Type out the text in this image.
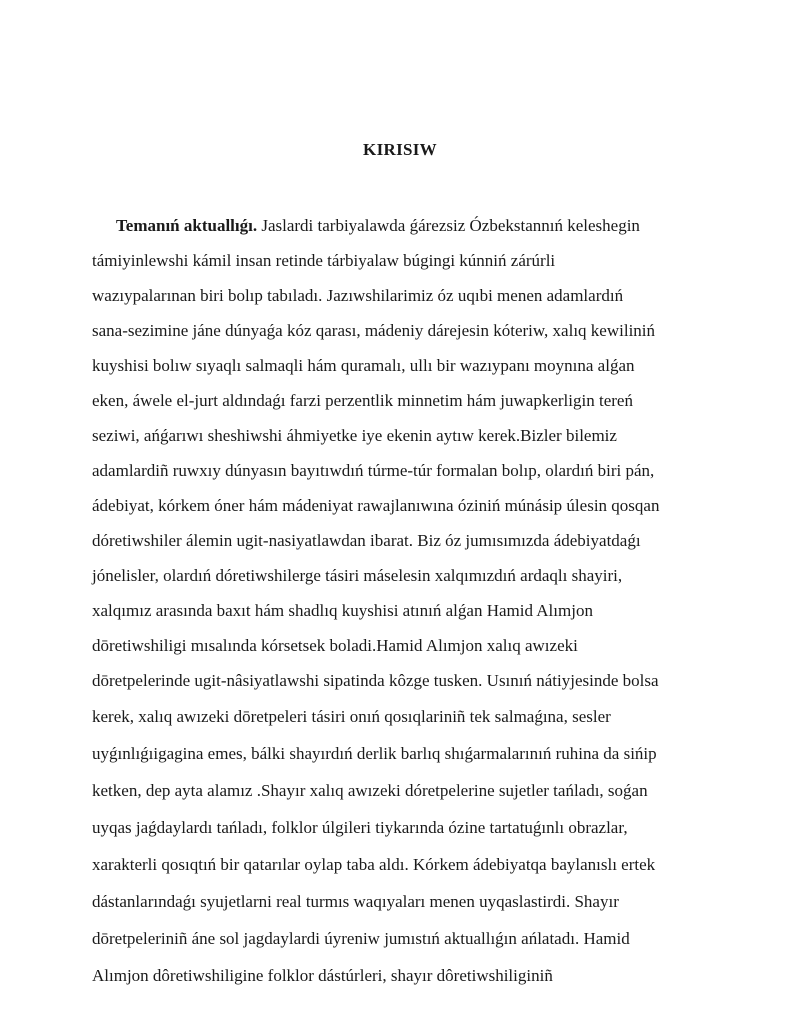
KIRISIW
Temanıń aktuallıǵı. Jaslardi tarbiyalawda ǵárezsiz Ózbekstannıń keleshegin
támiyinlewshi kámil insan retinde tárbiyalaw búgingi kúnniń zárúrli
wazıypalarınan biri bolıp tabıladı. Jazıwshilarimiz óz uqıbi menen adamlardıń
sana-sezimine jáne dúnyaǵa kóz qarası, mádeniy dárejesin kóteriw, xalıq kewiliniń
kuyshisi bolıw sıyaqlı salmaqli hám quramalı, ullı bir wazıypanı moynına alǵan
eken, áwele el-jurt aldındaǵı farzi perzentlik minnetim hám juwapkerligin tereń
seziwi, ańǵarıwı sheshiwshi áhmiyetke iye ekenin aytıw kerek.Bizler bilemiz
adamlardiñ ruwxıy dúnyasın bayıtıwdıń túrme-túr formalan bolıp, olardıń biri pán,
ádebiyat, kórkem óner hám mádeniyat rawajlanıwına óziniń múnásip úlesin qosqan
dóretiwshiler álemin ugit-nasiyatlawdan ibarat. Biz óz jumısımızda ádebiyatdaǵı
jónelisler, olardıń dóretiwshilerge tásiri máselesin xalqımızdıń ardaqlı shayiri,
xalqımız arasında baxıt hám shadlıq kuyshisi atınıń alǵan Hamid Alımjon
dōretiwshiligi mısalında kórsetsek boladi.Hamid Alımjon xalıq awızeki
dōretpelerinde ugit-nâsiyatlawshi sipatinda kôzge tusken. Usınıń nátiyjesinde bolsa
kerek, xalıq awızeki dōretpeleri tásiri onıń qosıqlariniñ tek salmaǵına, sesler
uyǵınlıǵıigagina emes, bálki shayırdıń derlik barlıq shıǵarmalarınıń ruhina da sińip
ketken, dep ayta alamız .Shayır xalıq awızeki dóretpelerine sujetler tańladı, soǵan
uyqas jaǵdaylardı tańladı, folklor úlgileri tiykarında ózine tartatuǵınlı obrazlar,
xarakterli qosıqtıń bir qatarılar oylap taba aldı. Kórkem ádebiyatqa baylanıslı ertek
dástanlarındaǵı syujetlarni real turmıs waqıyaları menen uyqaslastirdi. Shayır
dōretpeleriniñ áne sol jagdaylardi úyreniw jumıstıń aktuallıǵın ańlatadı. Hamid
Alımjon dôretiwshiligine folklor dástúrleri, shayır dôretiwshiliginiñ
